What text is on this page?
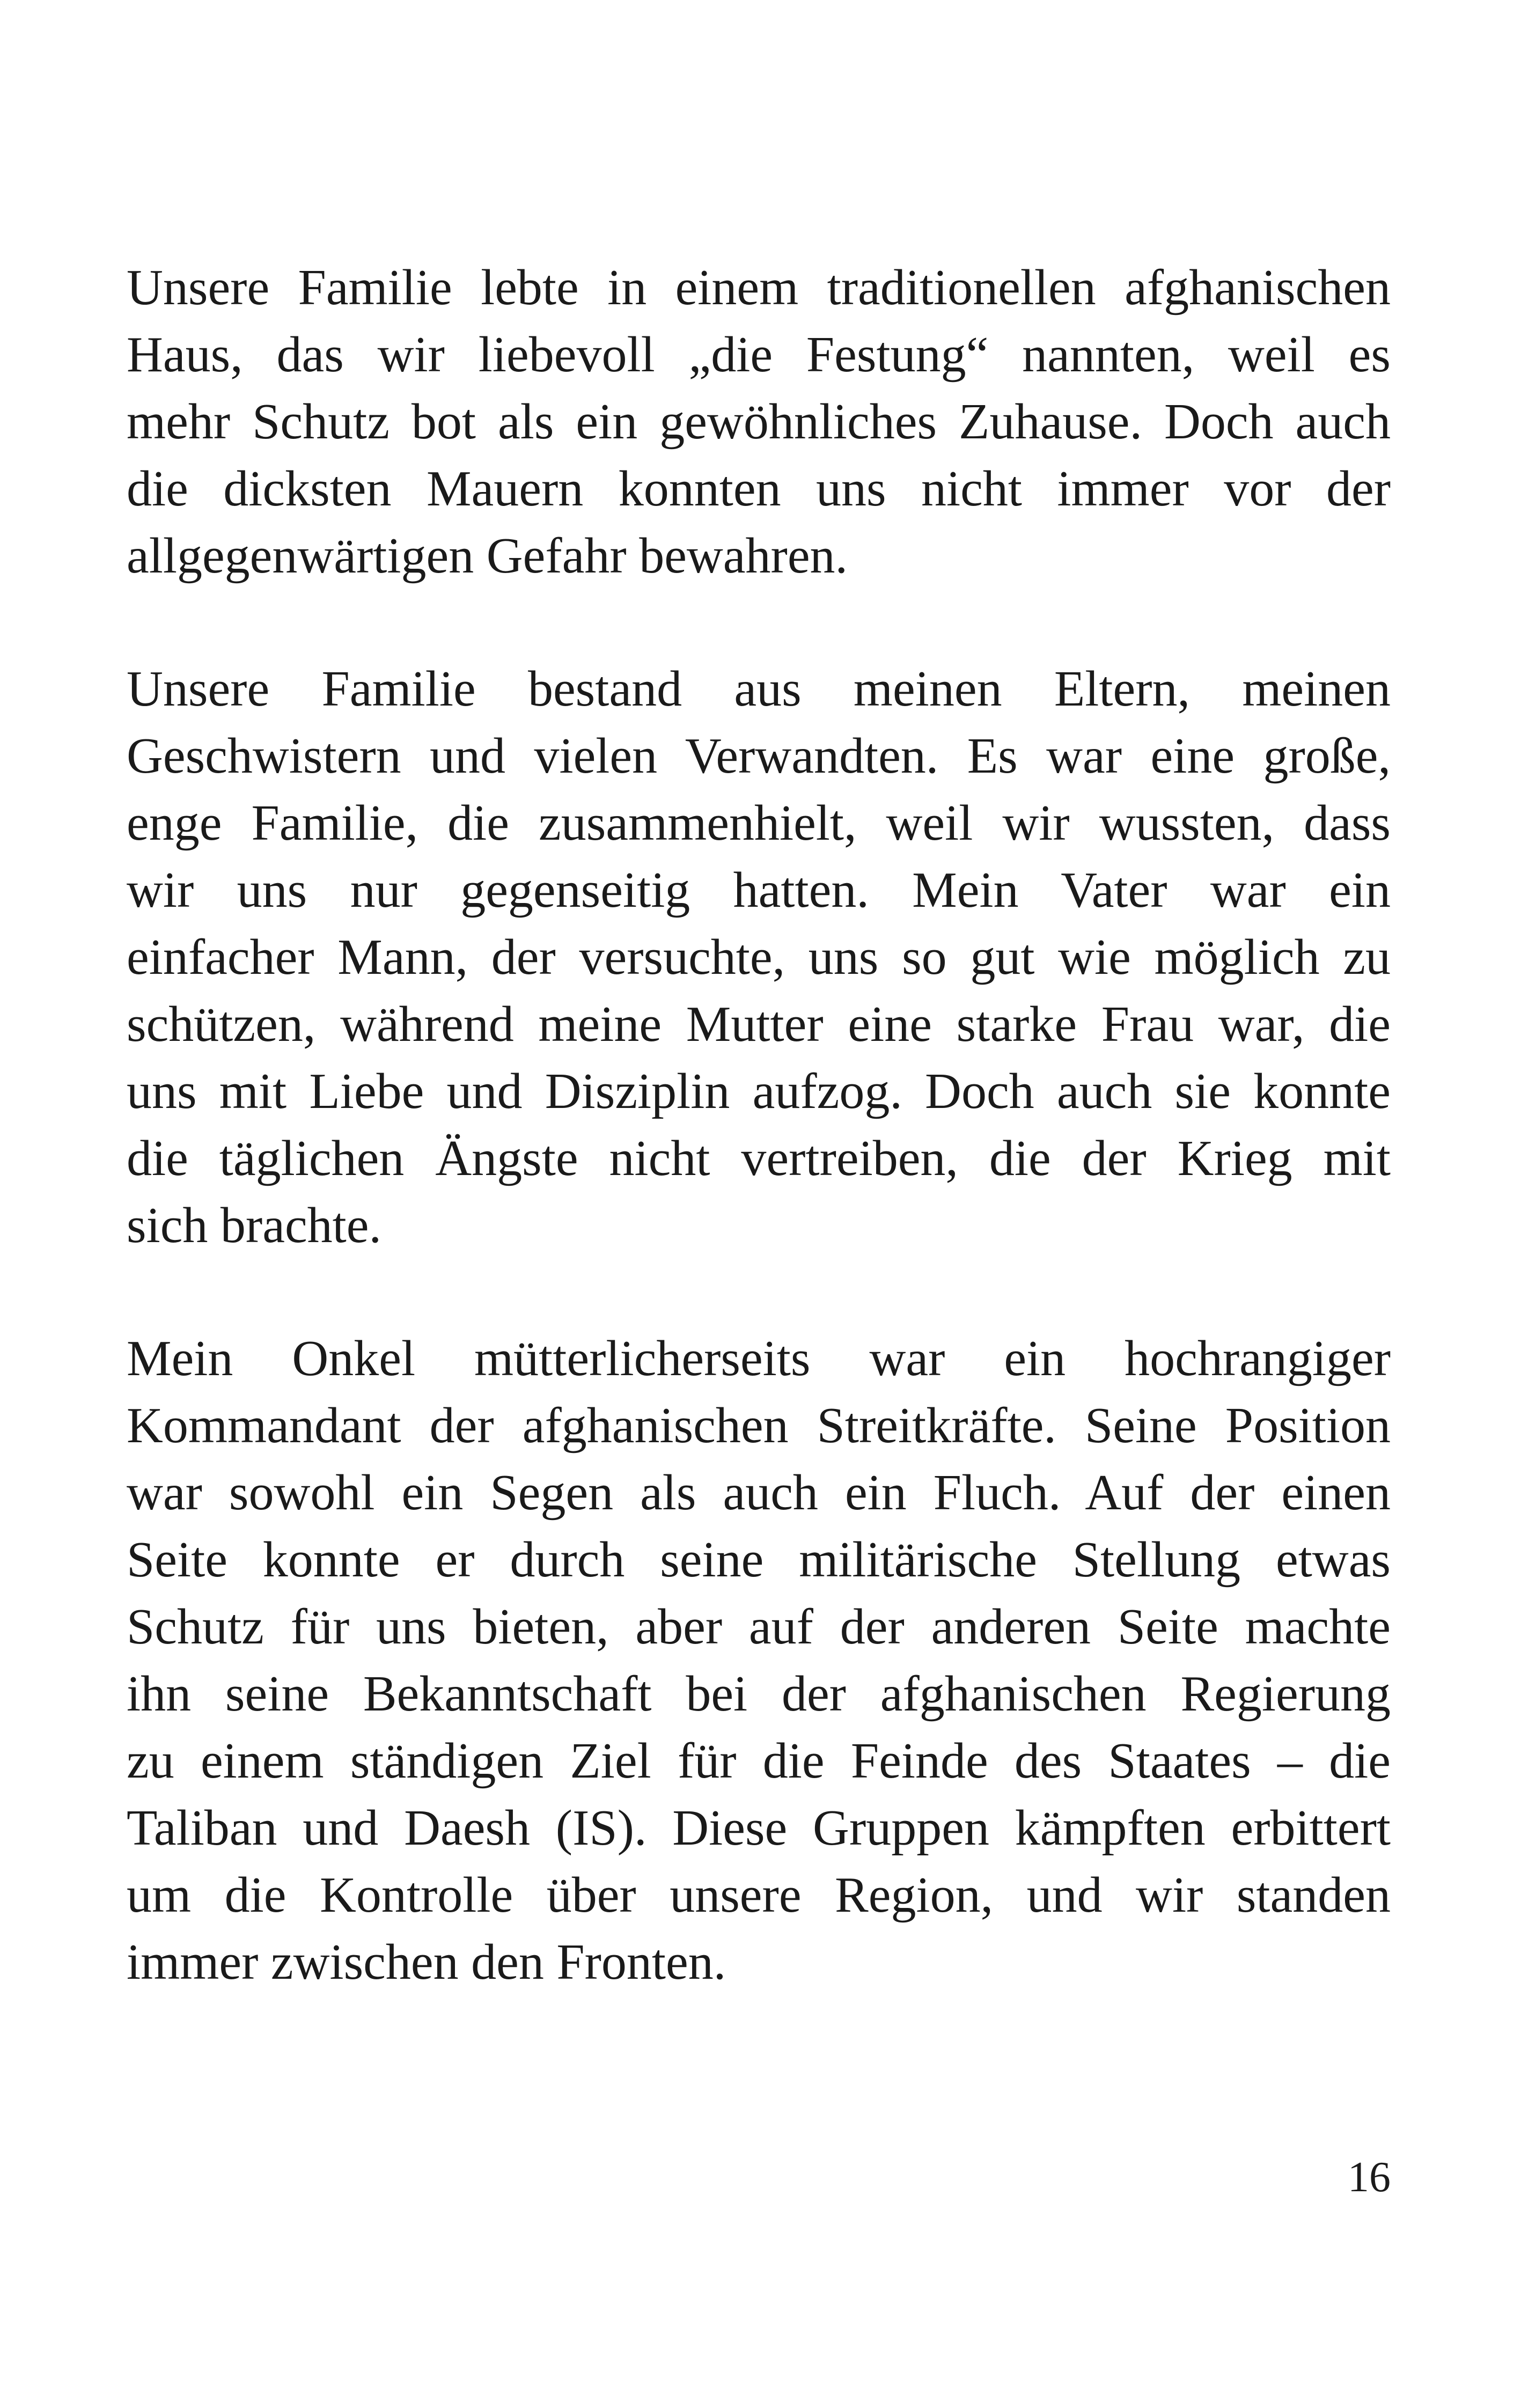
Unsere Familie lebte in einem traditionellen afghanischen
Haus, das wir liebevoll „die Festung“ nannten, weil es
mehr Schutz bot als ein gewöhnliches Zuhause. Doch auch
die dicksten Mauern konnten uns nicht immer vor der
allgegenwärtigen Gefahr bewahren.
Unsere Familie bestand aus meinen Eltern, meinen
Geschwistern und vielen Verwandten. Es war eine große,
enge Familie, die zusammenhielt, weil wir wussten, dass
wir uns nur gegenseitig hatten. Mein Vater war ein
einfacher Mann, der versuchte, uns so gut wie möglich zu
schützen, während meine Mutter eine starke Frau war, die
uns mit Liebe und Disziplin aufzog. Doch auch sie konnte
die täglichen Ängste nicht vertreiben, die der Krieg mit
sich brachte.
Mein Onkel mütterlicherseits war ein hochrangiger
Kommandant der afghanischen Streitkräfte. Seine Position
war sowohl ein Segen als auch ein Fluch. Auf der einen
Seite konnte er durch seine militärische Stellung etwas
Schutz für uns bieten, aber auf der anderen Seite machte
ihn seine Bekanntschaft bei der afghanischen Regierung
zu einem ständigen Ziel für die Feinde des Staates – die
Taliban und Daesh (IS). Diese Gruppen kämpften erbittert
um die Kontrolle über unsere Region, und wir standen
immer zwischen den Fronten.
16
